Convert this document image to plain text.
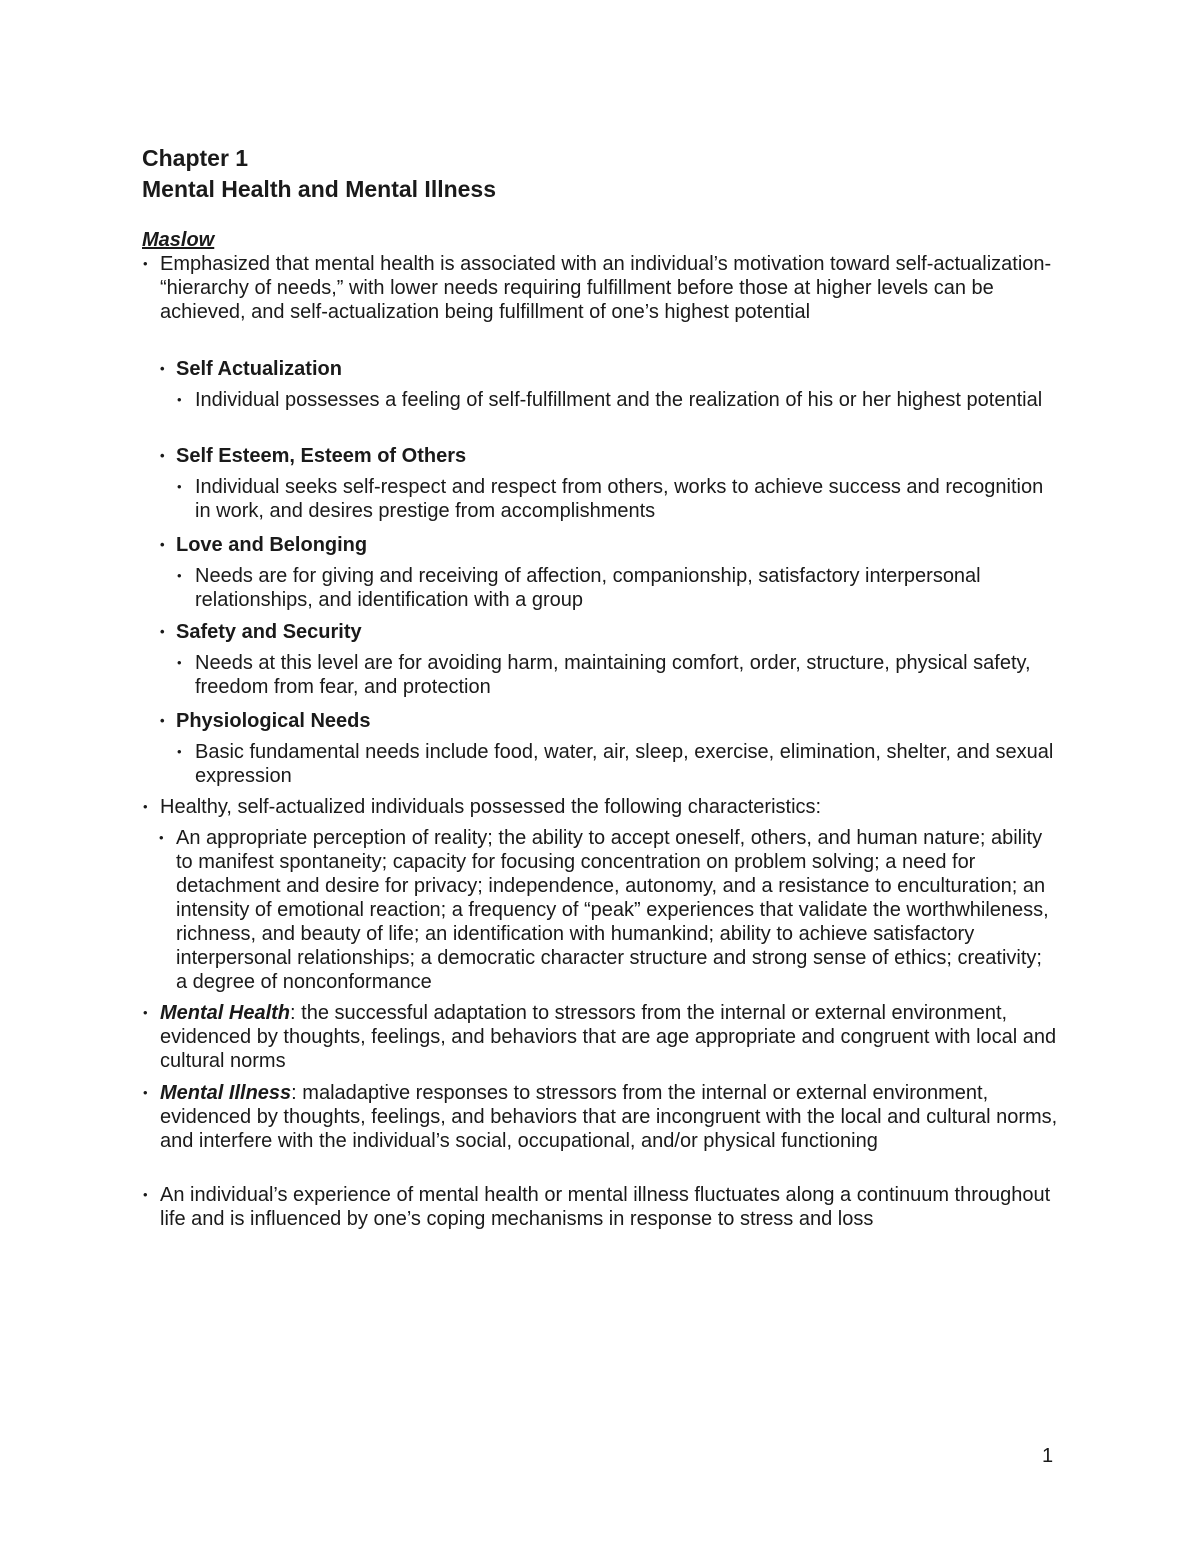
Chapter 1
Mental Health and Mental Illness
Maslow
• Emphasized that mental health is associated with an individual’s motivation toward self-actualization- “hierarchy of needs,” with lower needs requiring fulfillment before those at higher levels can be achieved, and self-actualization being fulfillment of one’s highest potential
• Self Actualization
• Individual possesses a feeling of self-fulfillment and the realization of his or her highest potential
• Self Esteem, Esteem of Others
• Individual seeks self-respect and respect from others, works to achieve success and recognition in work, and desires prestige from accomplishments
• Love and Belonging
• Needs are for giving and receiving of affection, companionship, satisfactory interpersonal relationships, and identification with a group
• Safety and Security
• Needs at this level are for avoiding harm, maintaining comfort, order, structure, physical safety, freedom from fear, and protection
• Physiological Needs
• Basic fundamental needs include food, water, air, sleep, exercise, elimination, shelter, and sexual expression
• Healthy, self-actualized individuals possessed the following characteristics:
• An appropriate perception of reality; the ability to accept oneself, others, and human nature; ability to manifest spontaneity; capacity for focusing concentration on problem solving; a need for detachment and desire for privacy; independence, autonomy, and a resistance to enculturation; an intensity of emotional reaction; a frequency of “peak” experiences that validate the worthwhileness, richness, and beauty of life; an identification with humankind; ability to achieve satisfactory interpersonal relationships; a democratic character structure and strong sense of ethics; creativity; a degree of nonconformance
• Mental Health: the successful adaptation to stressors from the internal or external environment, evidenced by thoughts, feelings, and behaviors that are age appropriate and congruent with local and cultural norms
• Mental Illness: maladaptive responses to stressors from the internal or external environment, evidenced by thoughts, feelings, and behaviors that are incongruent with the local and cultural norms, and interfere with the individual’s social, occupational, and/or physical functioning
• An individual’s experience of mental health or mental illness fluctuates along a continuum throughout life and is influenced by one’s coping mechanisms in response to stress and loss
1
